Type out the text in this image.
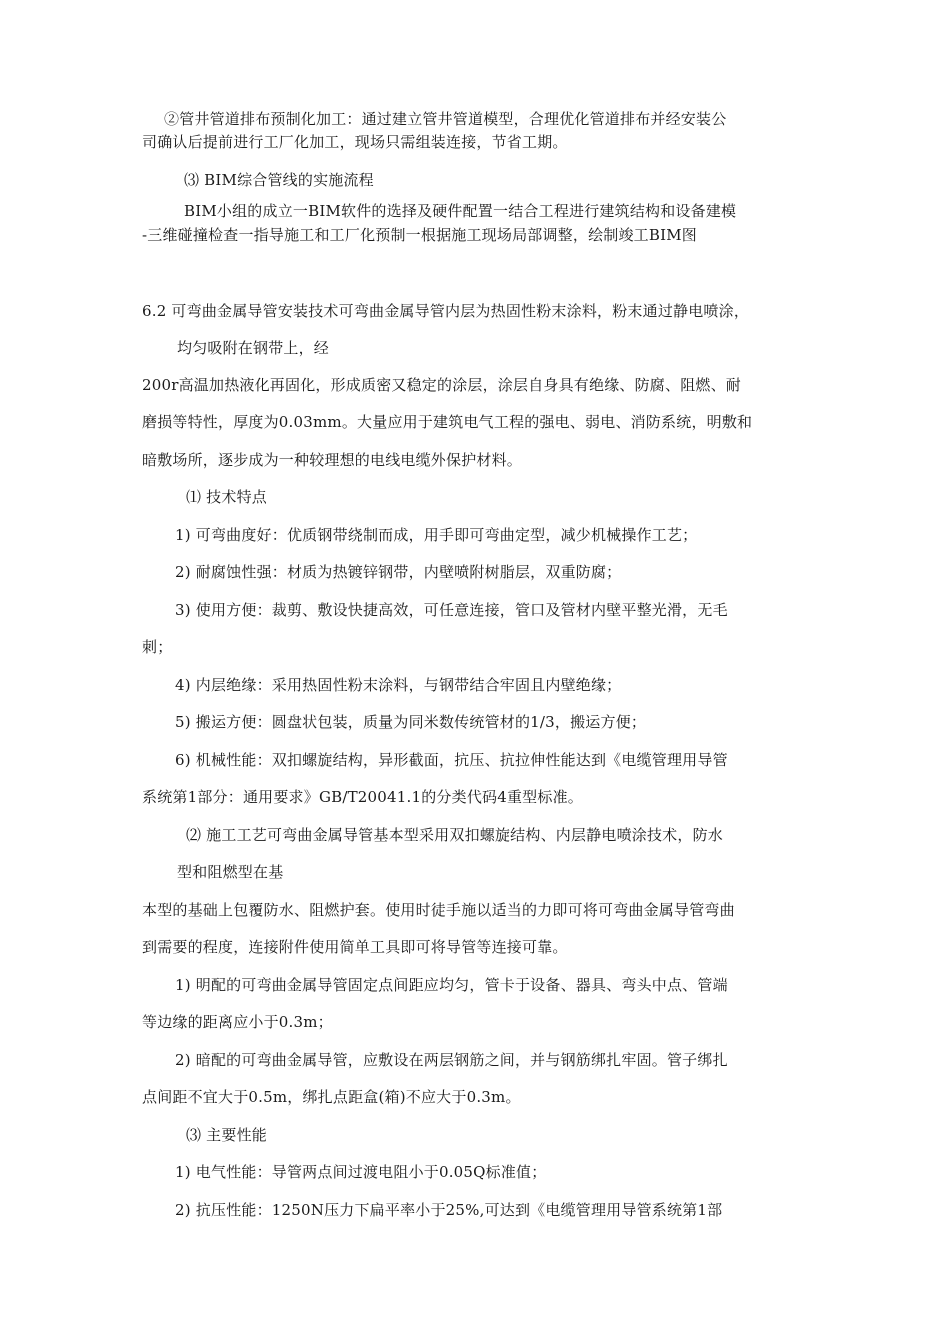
②管井管道排布预制化加工：通过建立管井管道模型，合理优化管道排布并经安装公
司确认后提前进行工厂化加工，现场只需组装连接，节省工期。
⑶ BIM综合管线的实施流程
BIM小组的成立一BIM软件的选择及硬件配置一结合工程进行建筑结构和设备建模
-三维碰撞检查一指导施工和工厂化预制一根据施工现场局部调整，绘制竣工BIM图
6.2 可弯曲金属导管安装技术可弯曲金属导管内层为热固性粉末涂料，粉末通过静电喷涂，
均匀吸附在钢带上，经
200r高温加热液化再固化，形成质密又稳定的涂层，涂层自身具有绝缘、防腐、阻燃、耐
磨损等特性，厚度为0.03mm。大量应用于建筑电气工程的强电、弱电、消防系统，明敷和
暗敷场所，逐步成为一种较理想的电线电缆外保护材料。
⑴ 技术特点
1) 可弯曲度好：优质钢带绕制而成，用手即可弯曲定型，减少机械操作工艺；
2) 耐腐蚀性强：材质为热镀锌钢带，内壁喷附树脂层，双重防腐；
3) 使用方便：裁剪、敷设快捷高效，可任意连接，管口及管材内壁平整光滑，无毛
刺；
4) 内层绝缘：采用热固性粉末涂料，与钢带结合牢固且内壁绝缘；
5) 搬运方便：圆盘状包装，质量为同米数传统管材的1/3，搬运方便；
6) 机械性能：双扣螺旋结构，异形截面，抗压、抗拉伸性能达到《电缆管理用导管
系统第1部分：通用要求》GB/T20041.1的分类代码4重型标准。
⑵ 施工工艺可弯曲金属导管基本型采用双扣螺旋结构、内层静电喷涂技术，防水
型和阻燃型在基
本型的基础上包覆防水、阻燃护套。使用时徒手施以适当的力即可将可弯曲金属导管弯曲
到需要的程度，连接附件使用简单工具即可将导管等连接可靠。
1) 明配的可弯曲金属导管固定点间距应均匀，管卡于设备、器具、弯头中点、管端
等边缘的距离应小于0.3m；
2) 暗配的可弯曲金属导管，应敷设在两层钢筋之间，并与钢筋绑扎牢固。管子绑扎
点间距不宜大于0.5m，绑扎点距盒(箱)不应大于0.3m。
⑶ 主要性能
1) 电气性能：导管两点间过渡电阻小于0.05Q标准值；
2) 抗压性能：1250N压力下扁平率小于25%,可达到《电缆管理用导管系统第1部
